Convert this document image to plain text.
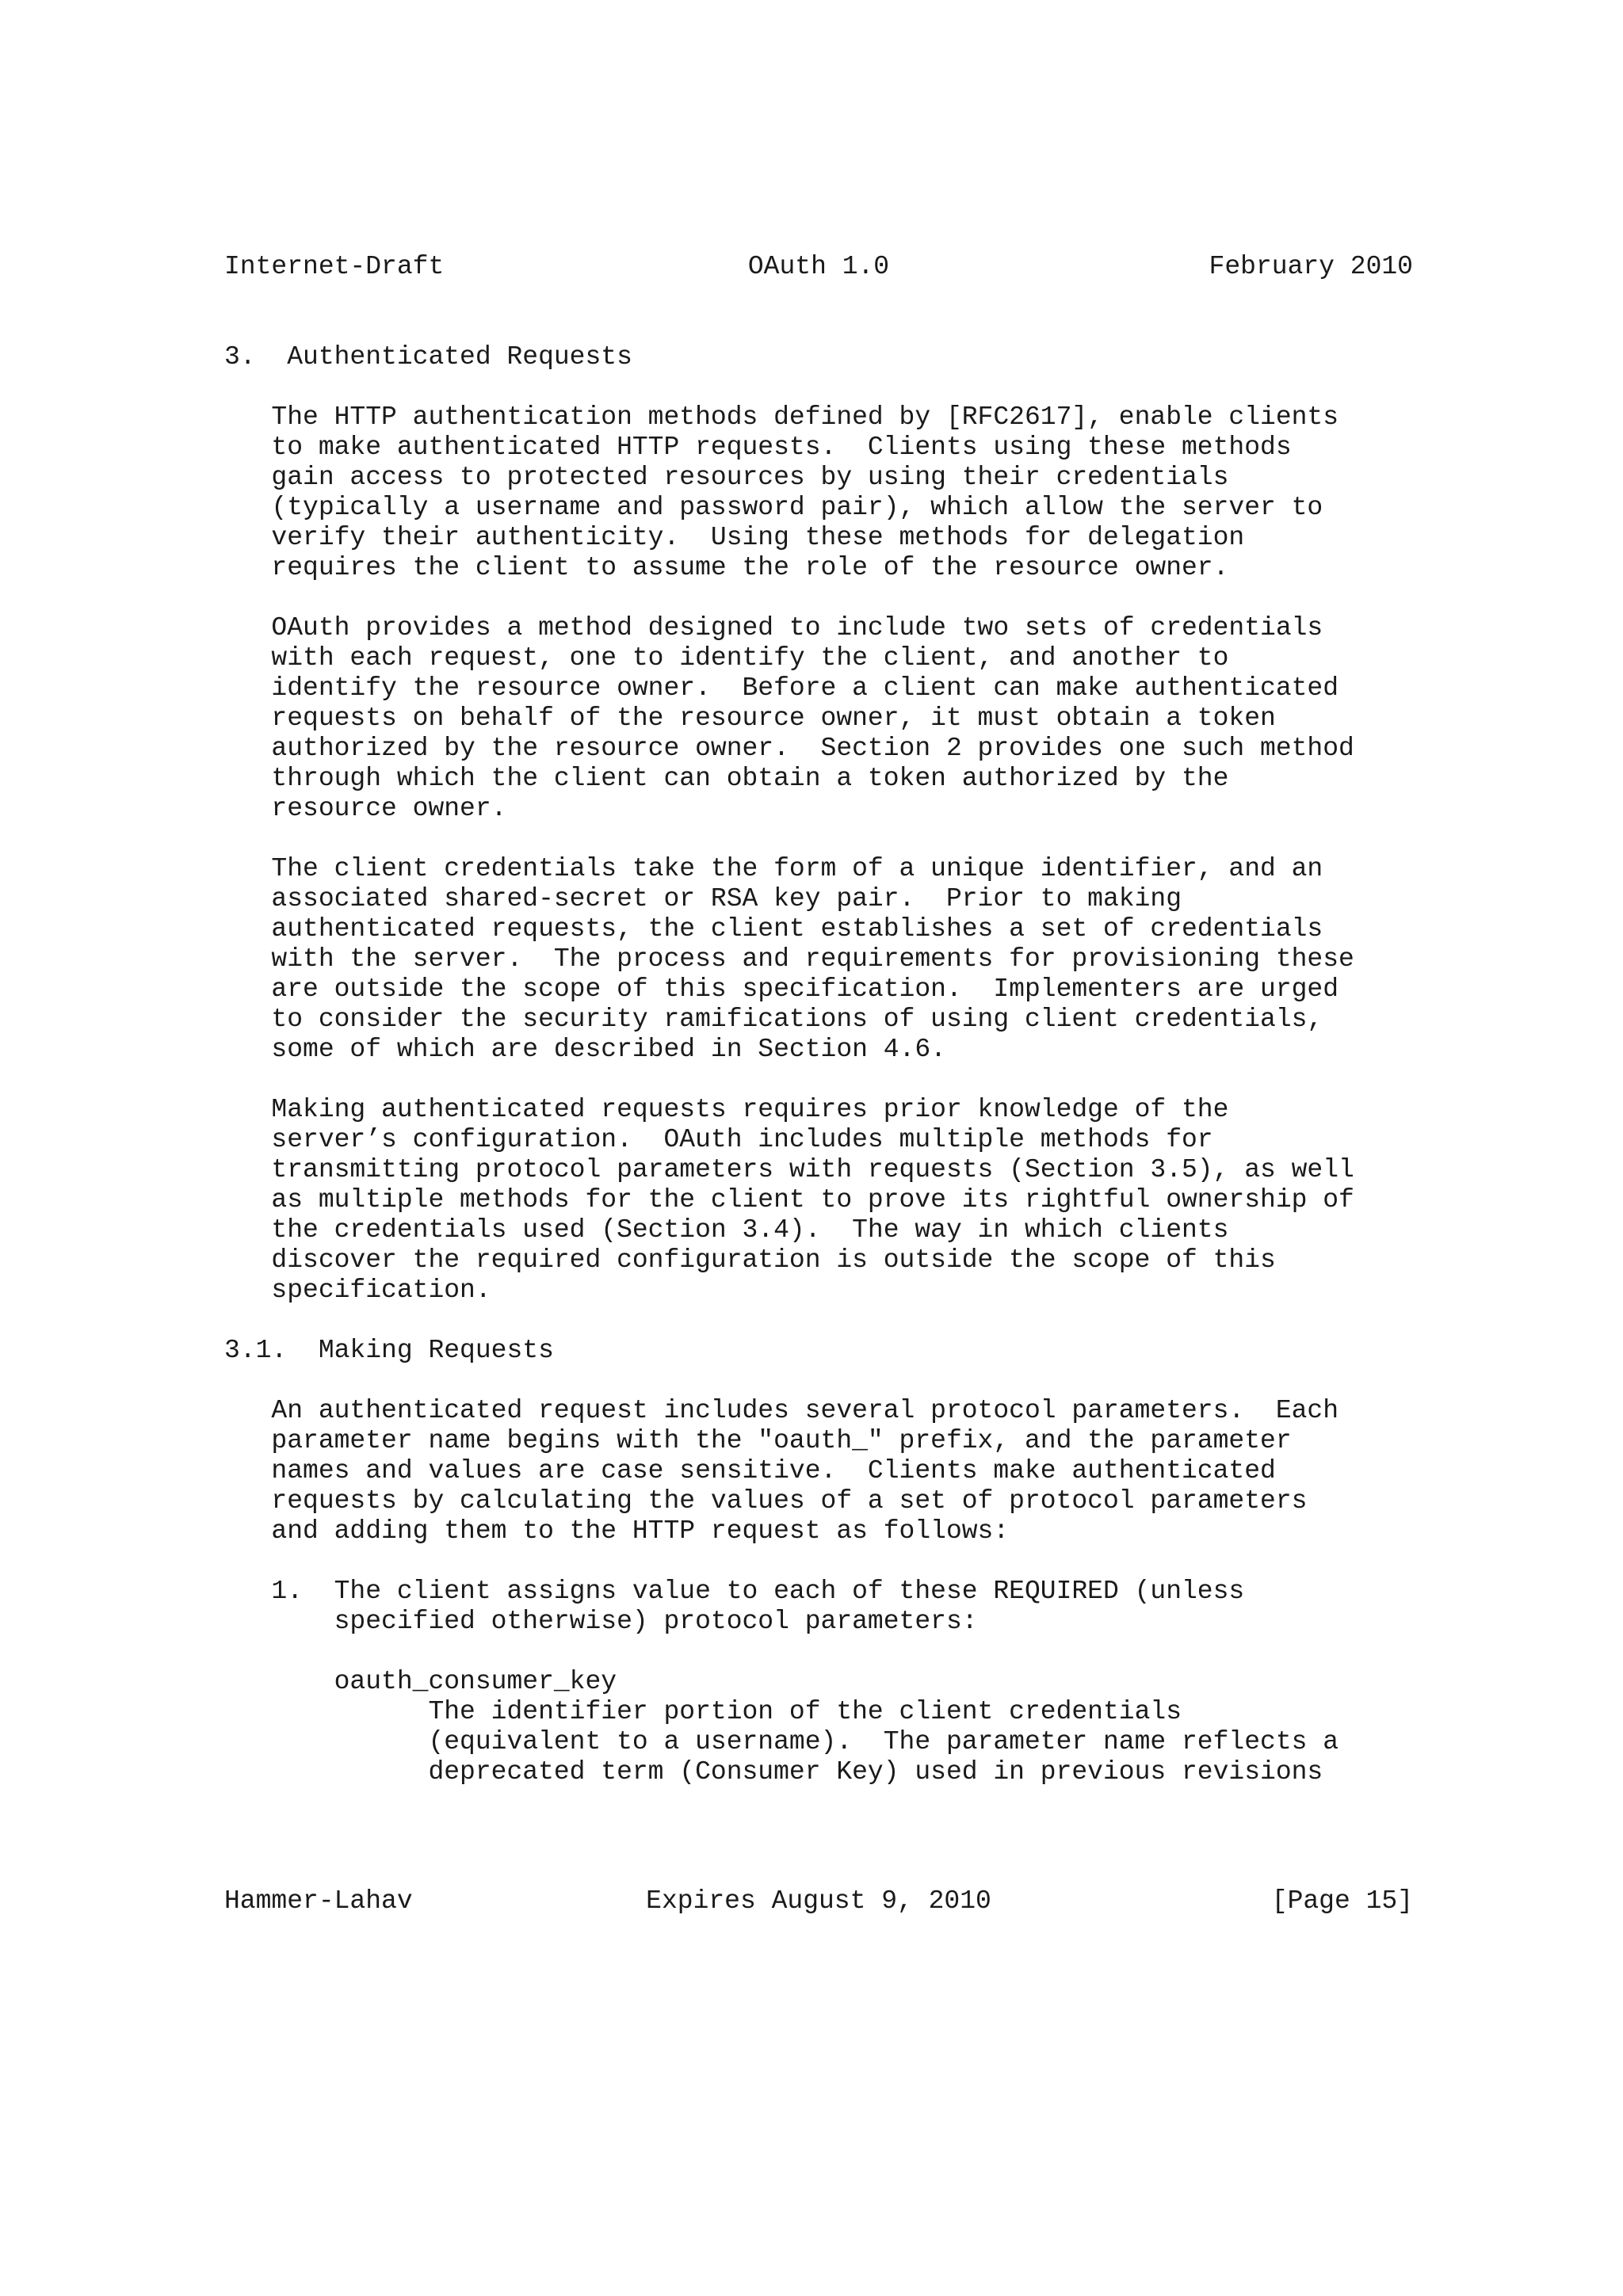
Internet-Draft	OAuth 1.0	February 2010
3.  Authenticated Requests
The HTTP authentication methods defined by [RFC2617], enable clients
to make authenticated HTTP requests.  Clients using these methods
gain access to protected resources by using their credentials
(typically a username and password pair), which allow the server to
verify their authenticity.  Using these methods for delegation
requires the client to assume the role of the resource owner.
OAuth provides a method designed to include two sets of credentials
with each request, one to identify the client, and another to
identify the resource owner.  Before a client can make authenticated
requests on behalf of the resource owner, it must obtain a token
authorized by the resource owner.  Section 2 provides one such method
through which the client can obtain a token authorized by the
resource owner.
The client credentials take the form of a unique identifier, and an
associated shared-secret or RSA key pair.  Prior to making
authenticated requests, the client establishes a set of credentials
with the server.  The process and requirements for provisioning these
are outside the scope of this specification.  Implementers are urged
to consider the security ramifications of using client credentials,
some of which are described in Section 4.6.
Making authenticated requests requires prior knowledge of the
server’s configuration.  OAuth includes multiple methods for
transmitting protocol parameters with requests (Section 3.5), as well
as multiple methods for the client to prove its rightful ownership of
the credentials used (Section 3.4).  The way in which clients
discover the required configuration is outside the scope of this
specification.
3.1.  Making Requests
An authenticated request includes several protocol parameters.  Each
parameter name begins with the "oauth_" prefix, and the parameter
names and values are case sensitive.  Clients make authenticated
requests by calculating the values of a set of protocol parameters
and adding them to the HTTP request as follows:
1.  The client assigns value to each of these REQUIRED (unless
specified otherwise) protocol parameters:
oauth_consumer_key
The identifier portion of the client credentials
(equivalent to a username).  The parameter name reflects a
deprecated term (Consumer Key) used in previous revisions
Hammer-Lahav	Expires August 9, 2010	[Page 15]
